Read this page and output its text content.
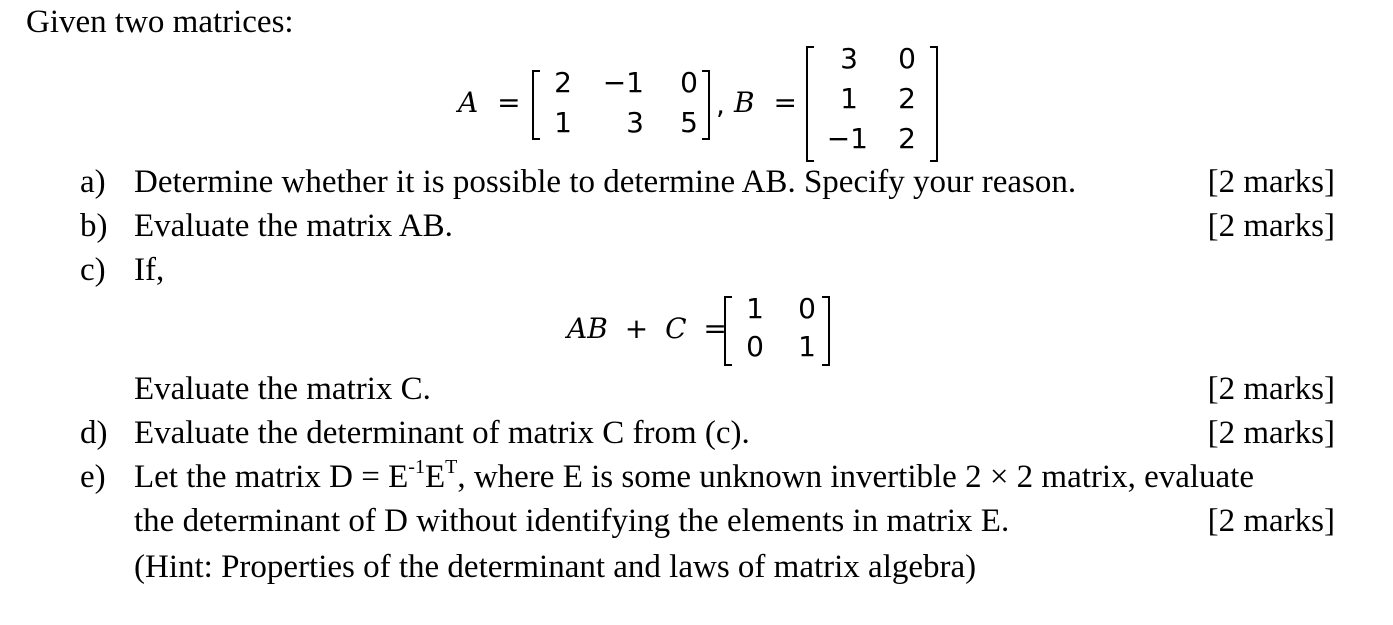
Given two matrices:
A =
2	−1 0
1	3 5
, B =
3	0
1	2
−1	2
a) Determine whether it is possible to determine AB. Specify your reason.	[2 marks]
b) Evaluate the matrix AB.	[2 marks]
c) If,
AB + C =
1	0
0	1
Evaluate the matrix C.	[2 marks]
d) Evaluate the determinant of matrix C from (c).	[2 marks]
e) Let the matrix $D = E^{-1}E^T$, where E is some unknown invertible 2 × 2 matrix, evaluate
the determinant of D without identifying the elements in matrix E.	[2 marks]
(Hint: Properties of the determinant and laws of matrix algebra)
